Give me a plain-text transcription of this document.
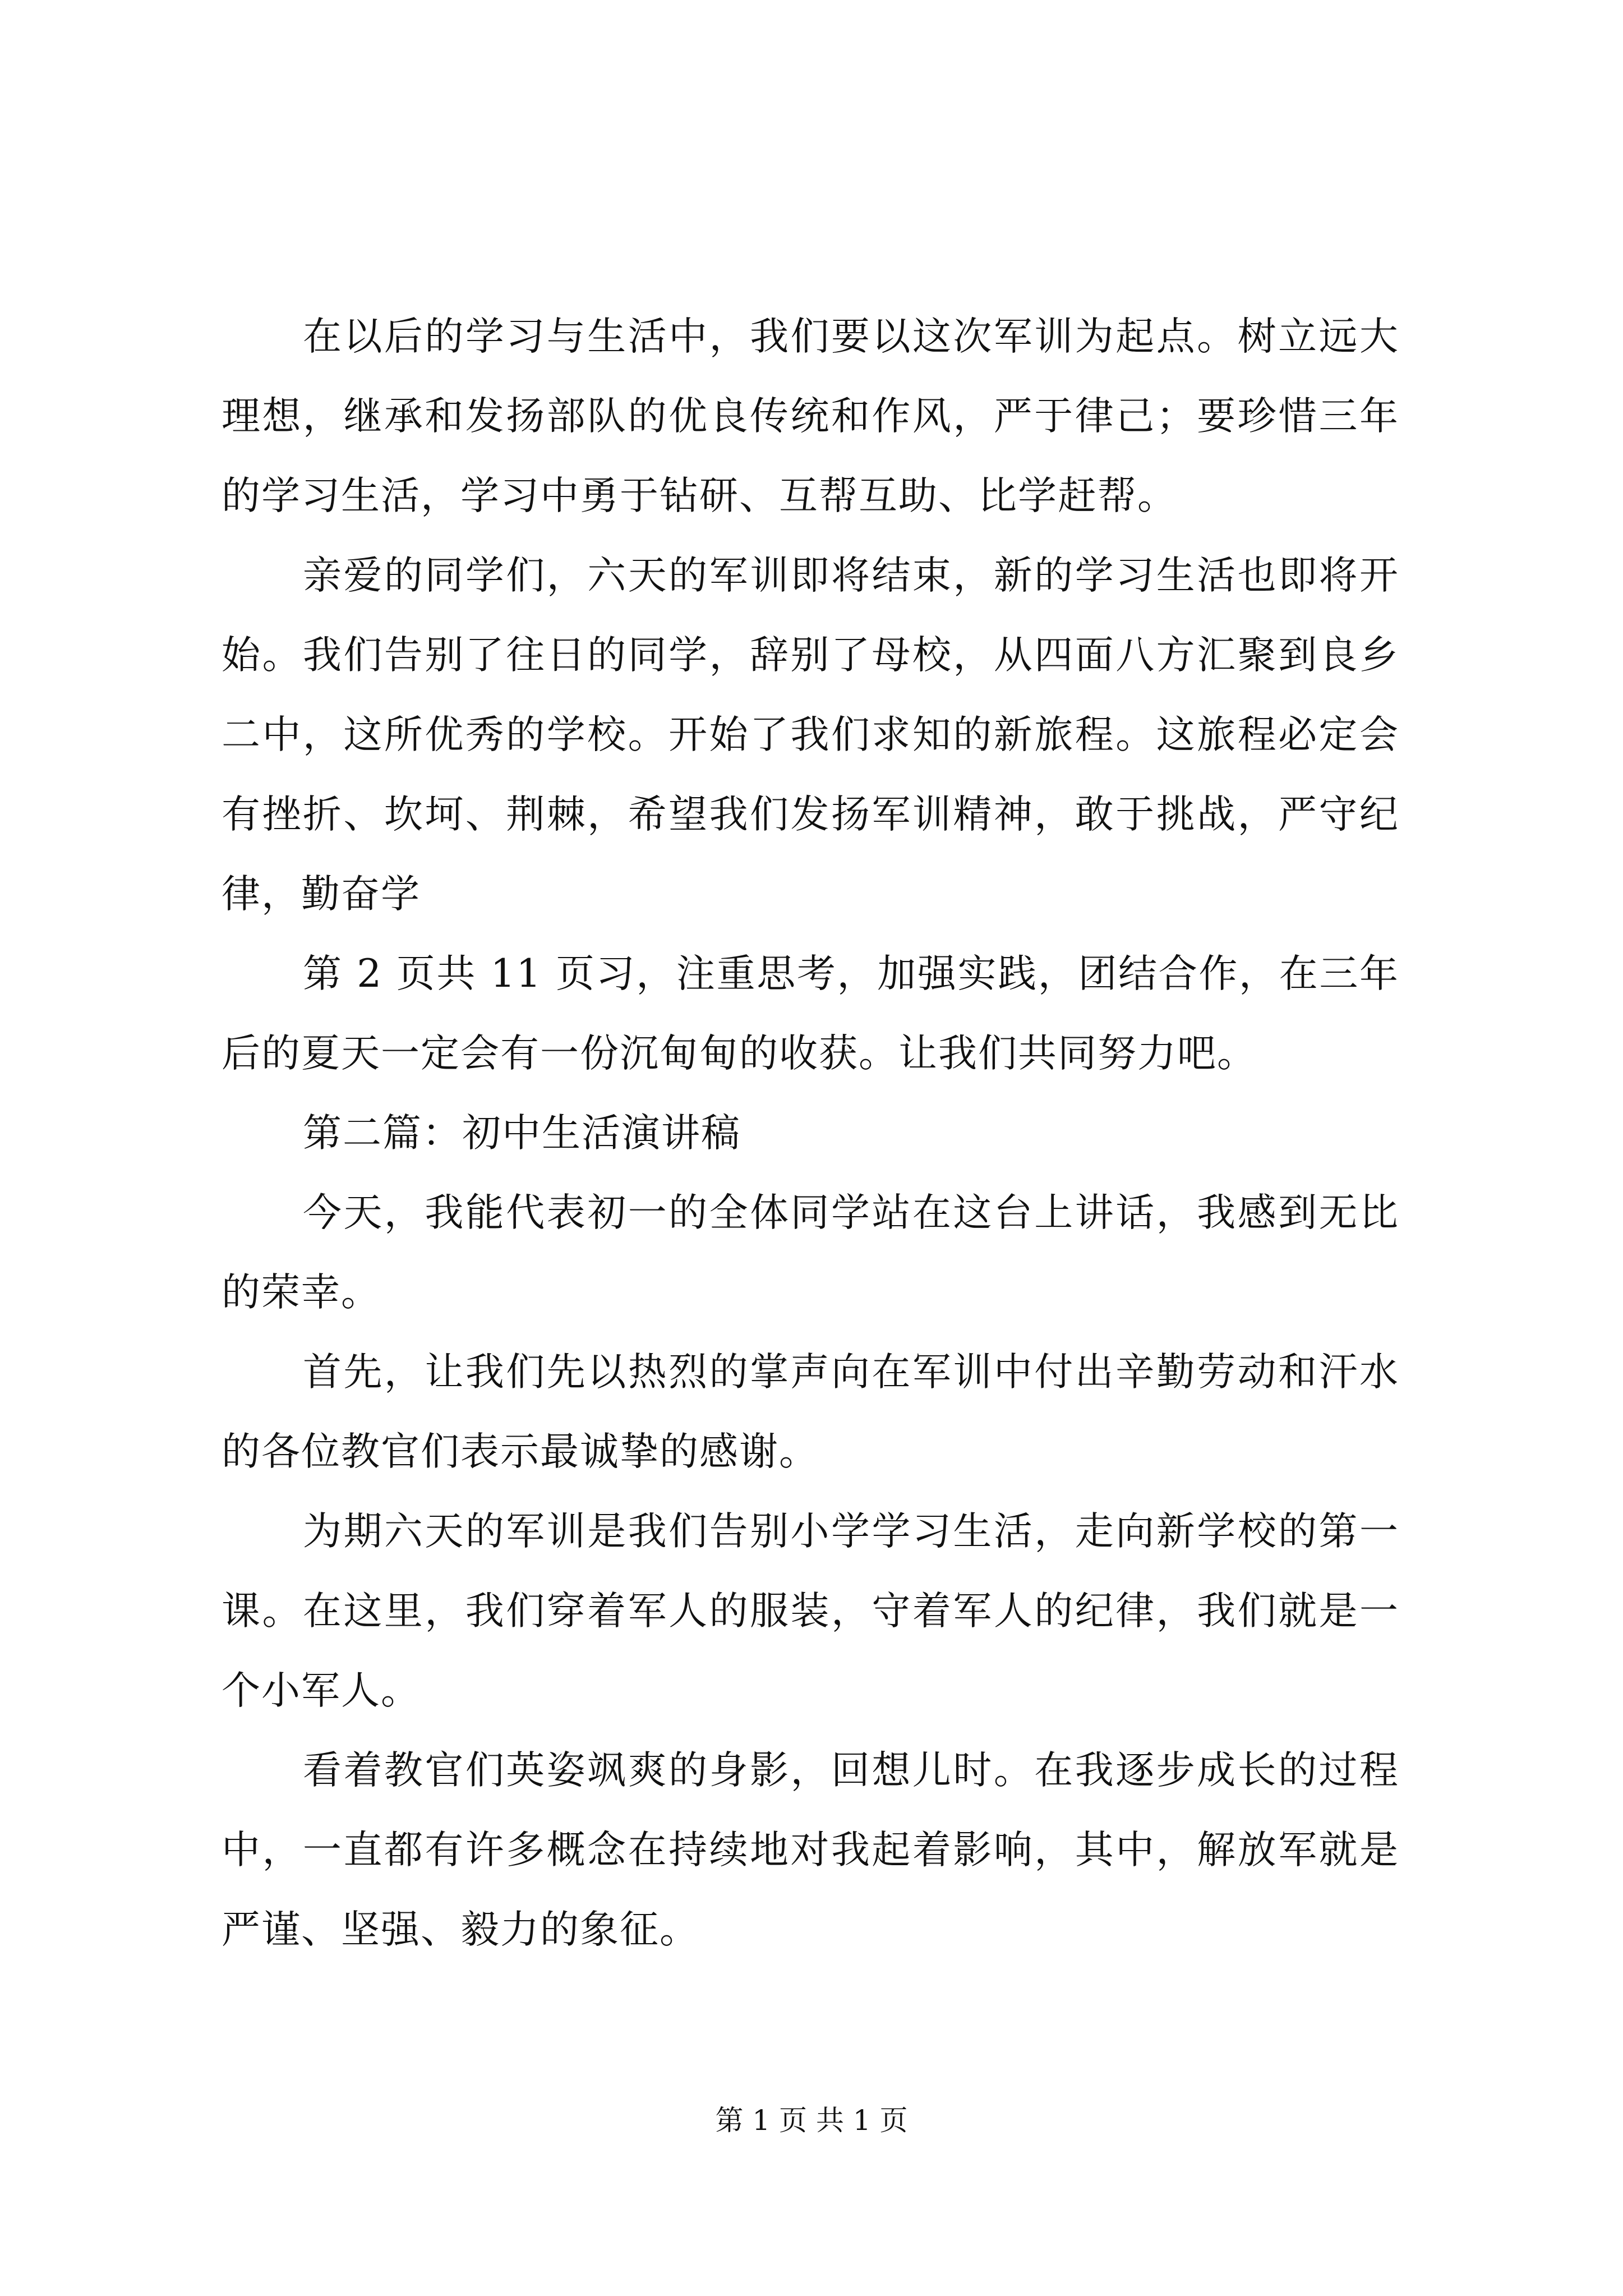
在以后的学习与生活中，我们要以这次军训为起点。树立远大理想，继承和发扬部队的优良传统和作风，严于律己；要珍惜三年的学习生活，学习中勇于钻研、互帮互助、比学赶帮。

亲爱的同学们，六天的军训即将结束，新的学习生活也即将开始。我们告别了往日的同学，辞别了母校，从四面八方汇聚到良乡二中，这所优秀的学校。开始了我们求知的新旅程。这旅程必定会有挫折、坎坷、荆棘，希望我们发扬军训精神，敢于挑战，严守纪律，勤奋学

第 2 页共 11 页习，注重思考，加强实践，团结合作，在三年后的夏天一定会有一份沉甸甸的收获。让我们共同努力吧。

第二篇：初中生活演讲稿

今天，我能代表初一的全体同学站在这台上讲话，我感到无比的荣幸。

首先，让我们先以热烈的掌声向在军训中付出辛勤劳动和汗水的各位教官们表示最诚挚的感谢。

为期六天的军训是我们告别小学学习生活，走向新学校的第一课。在这里，我们穿着军人的服装，守着军人的纪律，我们就是一个小军人。

看着教官们英姿飒爽的身影，回想儿时。在我逐步成长的过程中，一直都有许多概念在持续地对我起着影响，其中，解放军就是严谨、坚强、毅力的象征。

第 1 页 共 1 页
